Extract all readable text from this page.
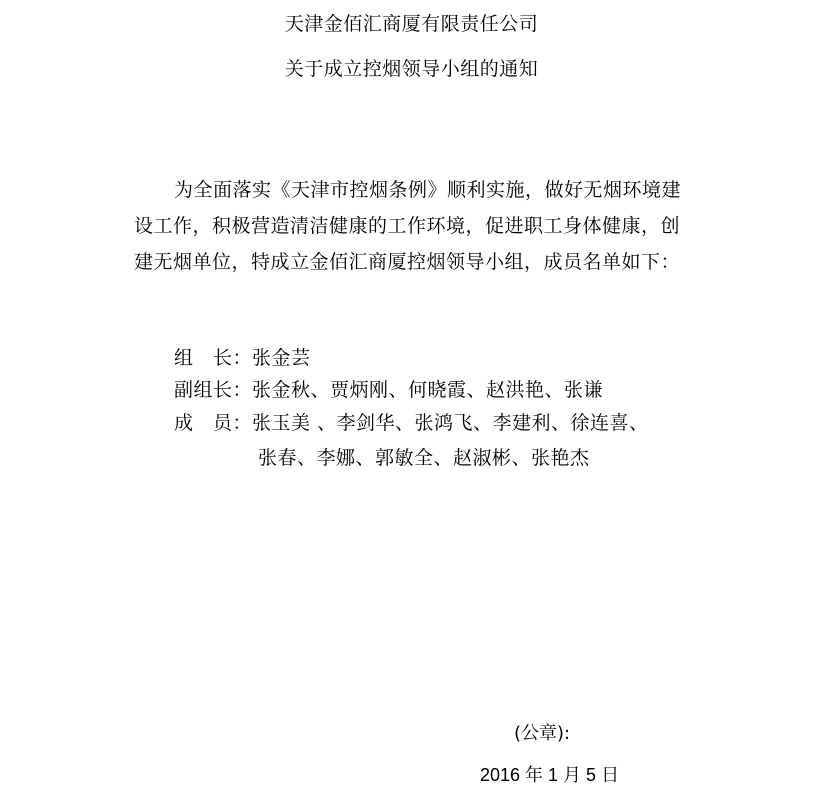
天津金佰汇商厦有限责任公司
关于成立控烟领导小组的通知
为全面落实《天津市控烟条例》顺利实施，做好无烟环境建设工作，积极营造清洁健康的工作环境，促进职工身体健康，创建无烟单位，特成立金佰汇商厦控烟领导小组，成员名单如下：
组　长：张金芸
副组长：张金秋、贾炳刚、何晓霞、赵洪艳、张谦
成　员：张玉美 、李剑华、张鸿飞、李建利、徐连喜、
张春、李娜、郭敏全、赵淑彬、张艳杰
(公章):
2016 年 1 月 5 日
